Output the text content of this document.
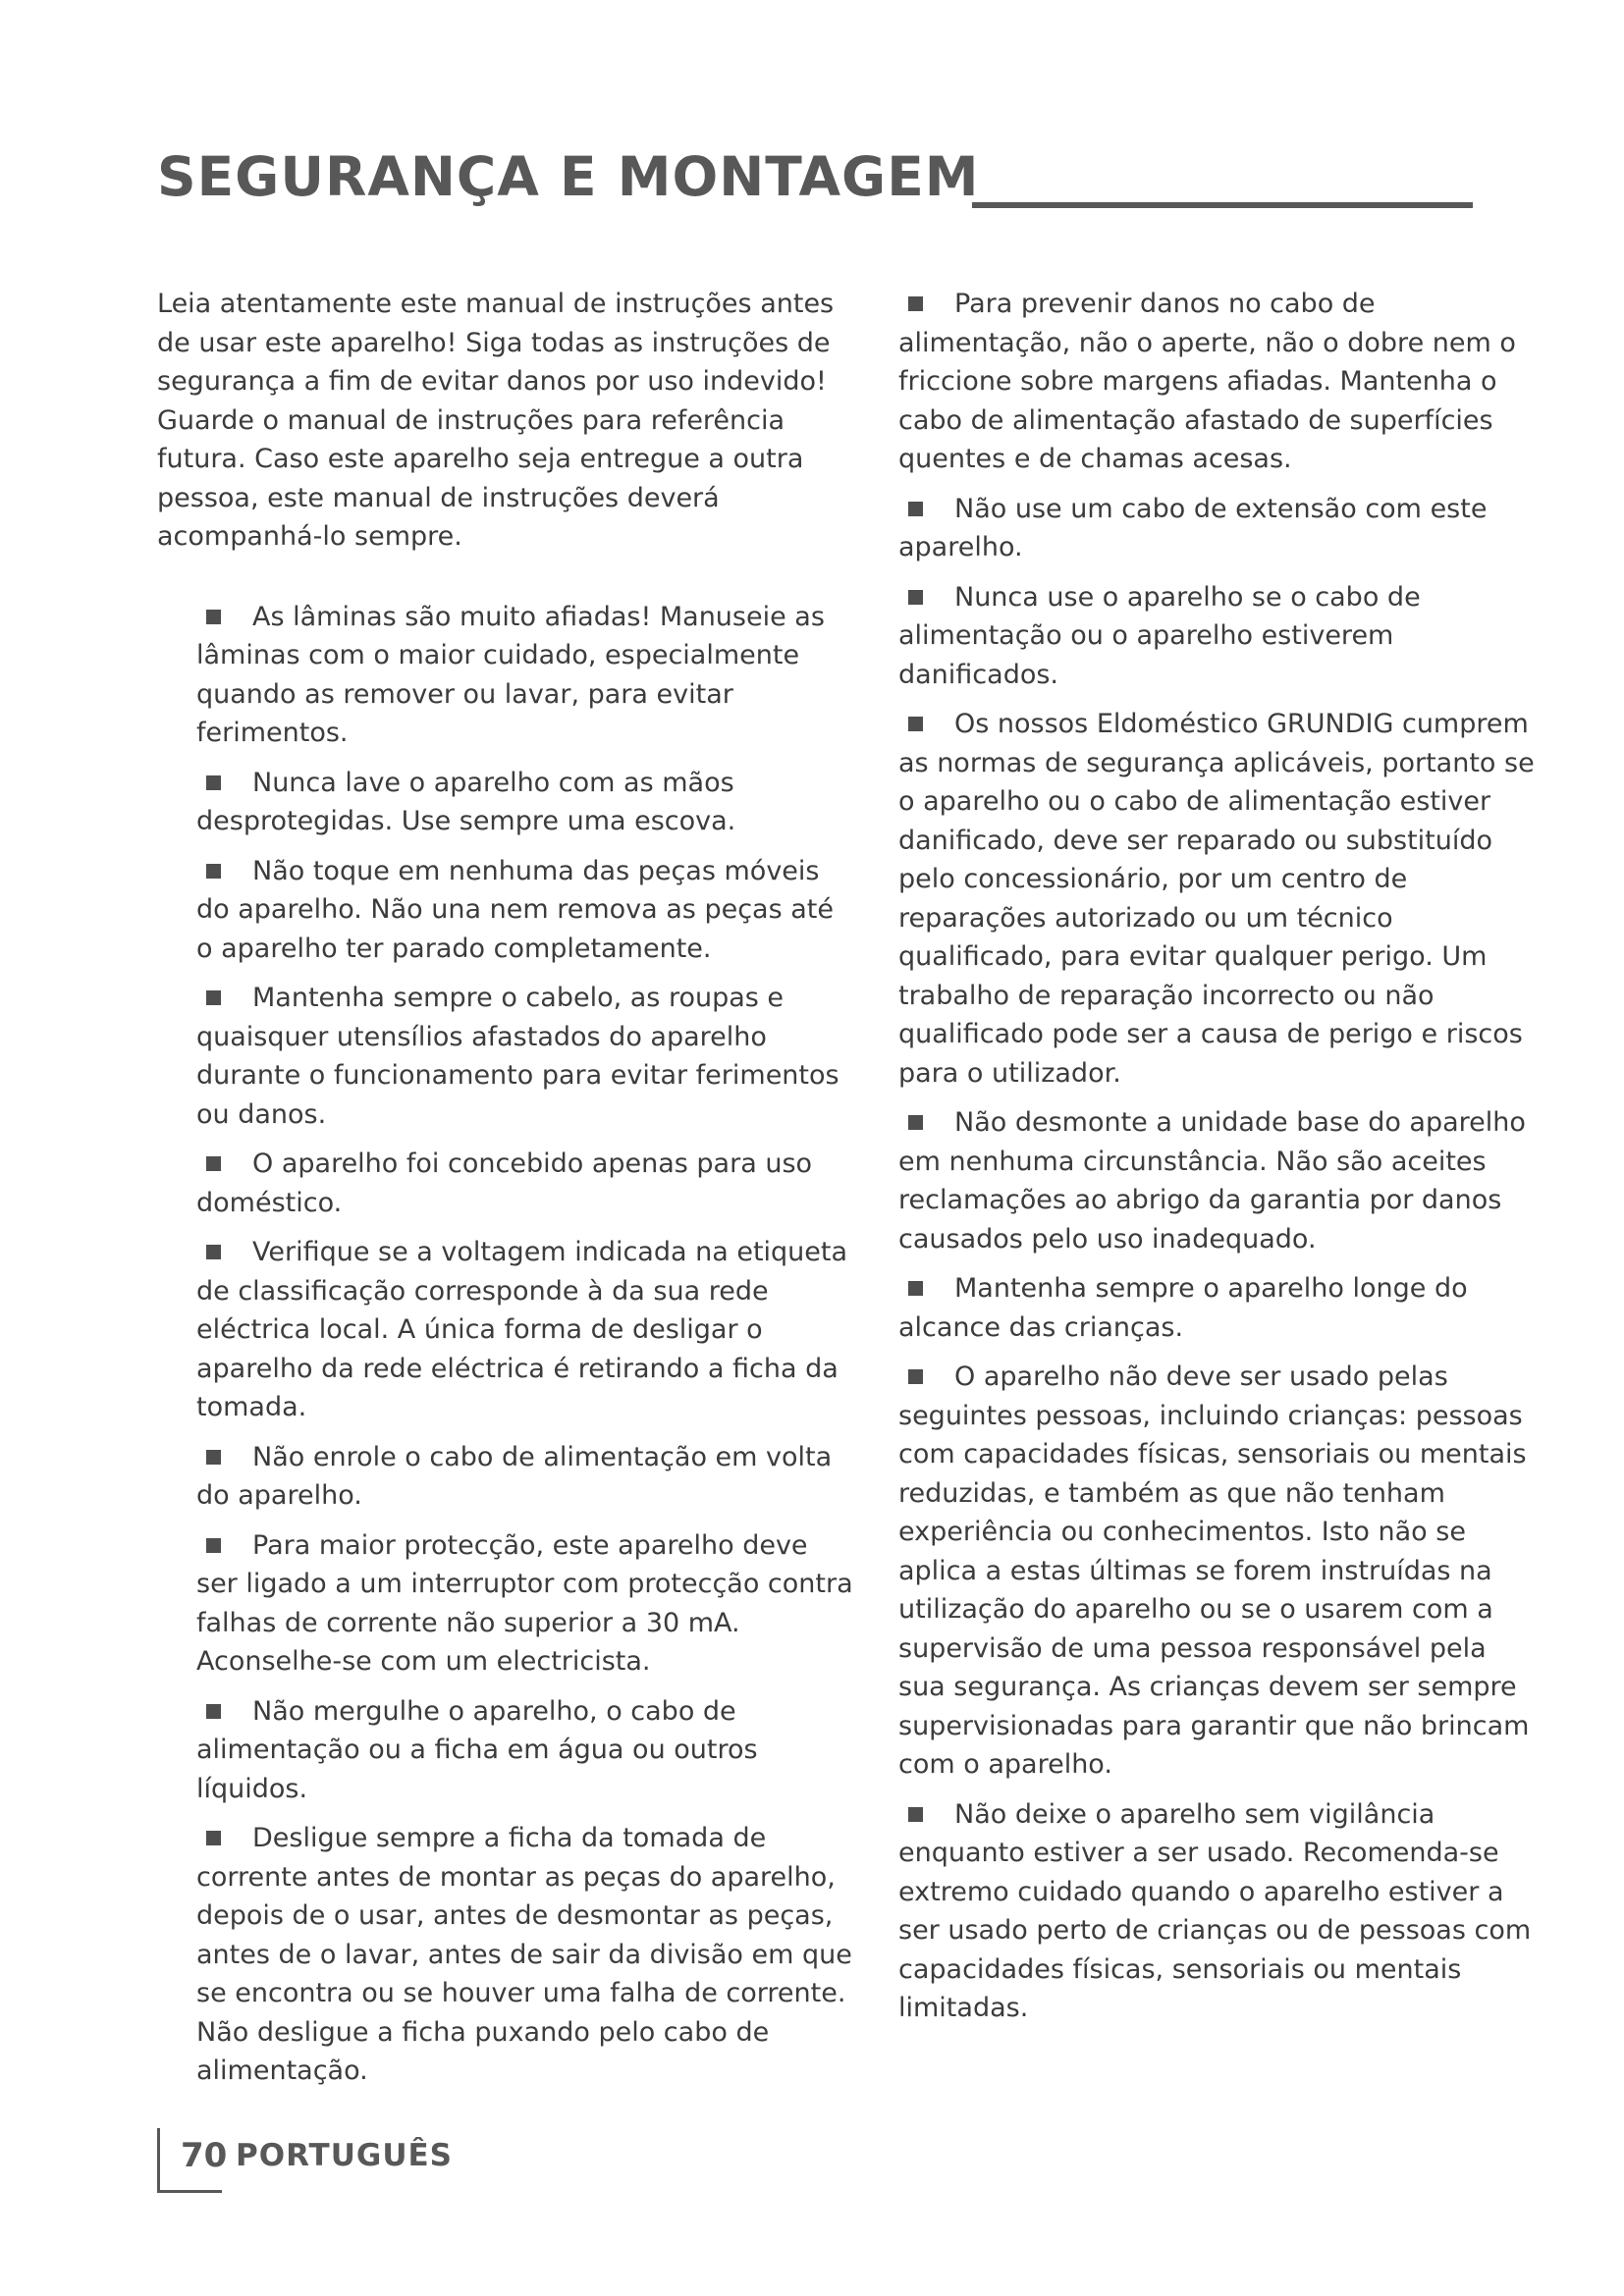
SEGURANÇA E MONTAGEM

Leia atentamente este manual de instruções antes de usar este aparelho! Siga todas as instruções de segurança a fim de evitar danos por uso indevido!

Guarde o manual de instruções para referência futura. Caso este aparelho seja entregue a outra pessoa, este manual de instruções deverá acompanhá-lo sempre.

As lâminas são muito afiadas! Manuseie as lâminas com o maior cuidado, especialmente quando as remover ou lavar, para evitar ferimentos.
Nunca lave o aparelho com as mãos desprotegidas. Use sempre uma escova.
Não toque em nenhuma das peças móveis do aparelho. Não una nem remova as peças até o aparelho ter parado completamente.
Mantenha sempre o cabelo, as roupas e quaisquer utensílios afastados do aparelho durante o funcionamento para evitar ferimentos ou danos.
O aparelho foi concebido apenas para uso doméstico.
Verifique se a voltagem indicada na etiqueta de classificação corresponde à da sua rede eléctrica local. A única forma de desligar o aparelho da rede eléctrica é retirando a ficha da tomada.
Não enrole o cabo de alimentação em volta do aparelho.
Para maior protecção, este aparelho deve ser ligado a um interruptor com protecção contra falhas de corrente não superior a 30 mA. Aconselhe-se com um electricista.
Não mergulhe o aparelho, o cabo de alimentação ou a ficha em água ou outros líquidos.
Desligue sempre a ficha da tomada de corrente antes de montar as peças do aparelho, depois de o usar, antes de desmontar as peças, antes de o lavar, antes de sair da divisão em que se encontra ou se houver uma falha de corrente. Não desligue a ficha puxando pelo cabo de alimentação.
Para prevenir danos no cabo de alimentação, não o aperte, não o dobre nem o friccione sobre margens afiadas. Mantenha o cabo de alimentação afastado de superfícies quentes e de chamas acesas.
Não use um cabo de extensão com este aparelho.
Nunca use o aparelho se o cabo de alimentação ou o aparelho estiverem danificados.
Os nossos Eldoméstico GRUNDIG cumprem as normas de segurança aplicáveis, portanto se o aparelho ou o cabo de alimentação estiver danificado, deve ser reparado ou substituído pelo concessionário, por um centro de reparações autorizado ou um técnico qualificado, para evitar qualquer perigo. Um trabalho de reparação incorrecto ou não qualificado pode ser a causa de perigo e riscos para o utilizador.
Não desmonte a unidade base do aparelho em nenhuma circunstância. Não são aceites reclamações ao abrigo da garantia por danos causados pelo uso inadequado.
Mantenha sempre o aparelho longe do alcance das crianças.
O aparelho não deve ser usado pelas seguintes pessoas, incluindo crianças: pessoas com capacidades físicas, sensoriais ou mentais reduzidas, e também as que não tenham experiência ou conhecimentos. Isto não se aplica a estas últimas se forem instruídas na utilização do aparelho ou se o usarem com a supervisão de uma pessoa responsável pela sua segurança. As crianças devem ser sempre supervisionadas para garantir que não brincam com o aparelho.
Não deixe o aparelho sem vigilância enquanto estiver a ser usado. Recomenda-se extremo cuidado quando o aparelho estiver a ser usado perto de crianças ou de pessoas com capacidades físicas, sensoriais ou mentais limitadas.
70 PORTUGUÊS
